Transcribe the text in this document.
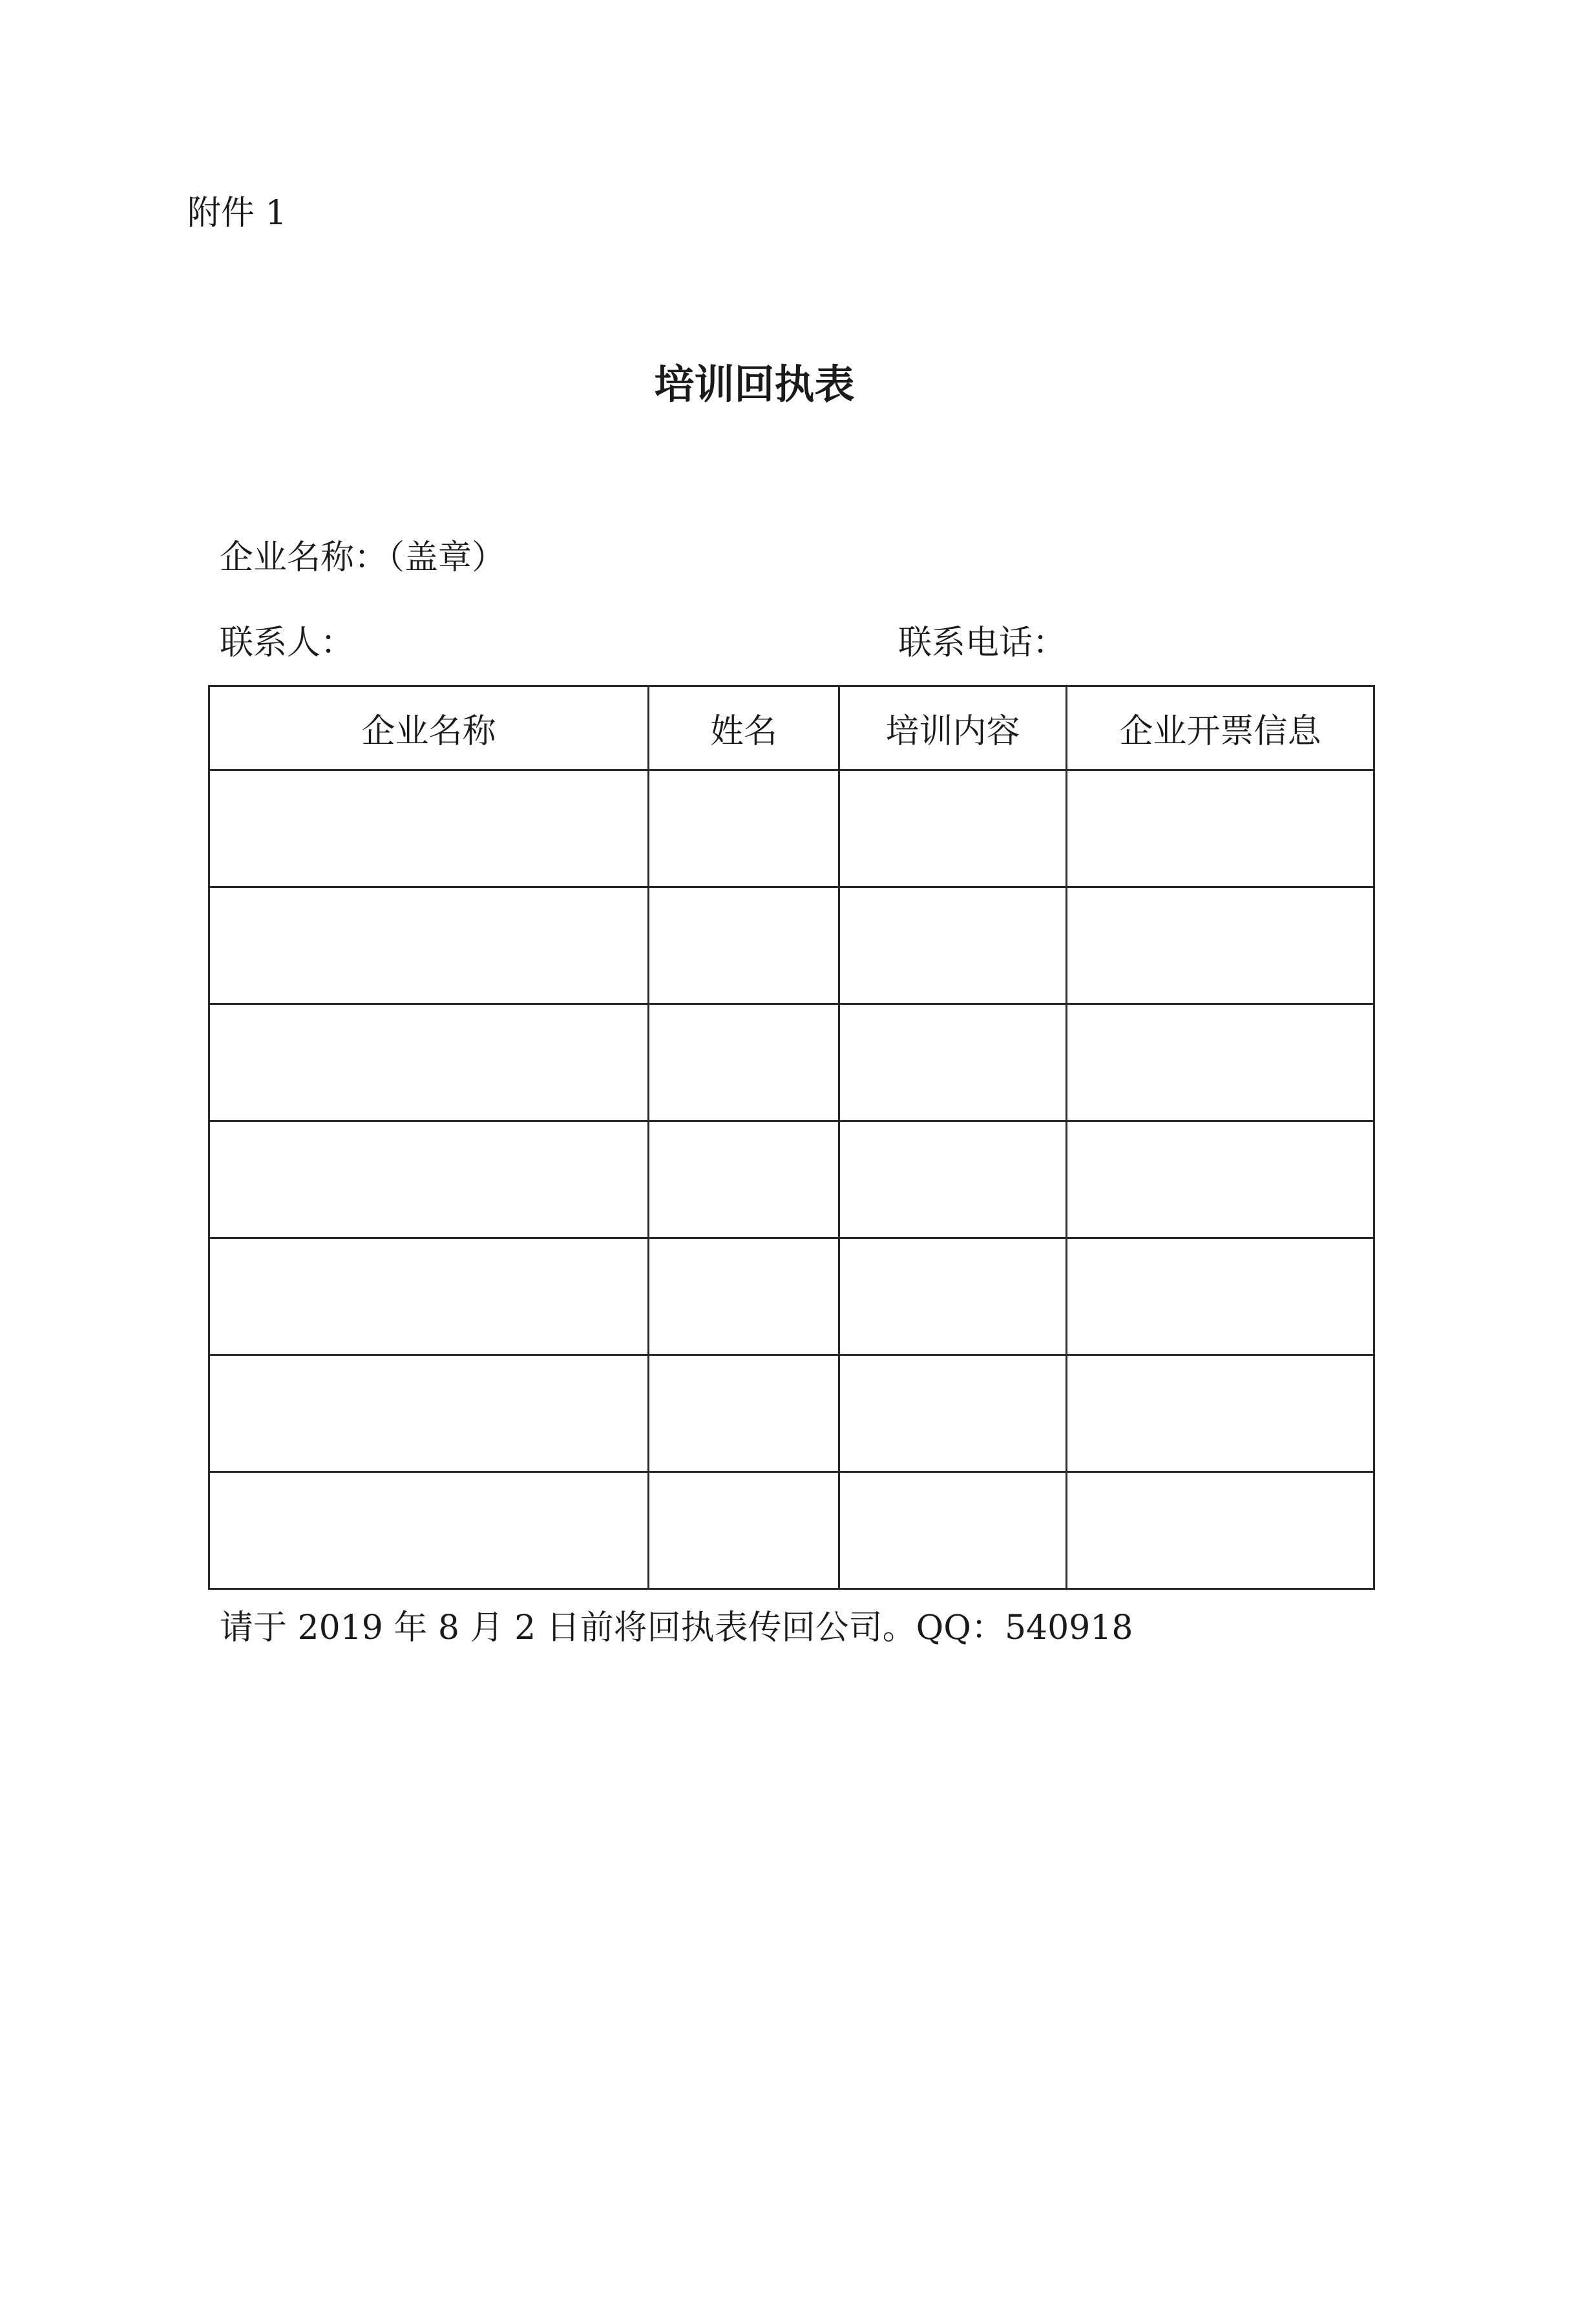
附件 1
培训回执表
企业名称：（盖章）
联系人：	联系电话：
企业名称	姓名	培训内容	企业开票信息

请于 2019 年 8 月 2 日前将回执表传回公司。QQ：540918
